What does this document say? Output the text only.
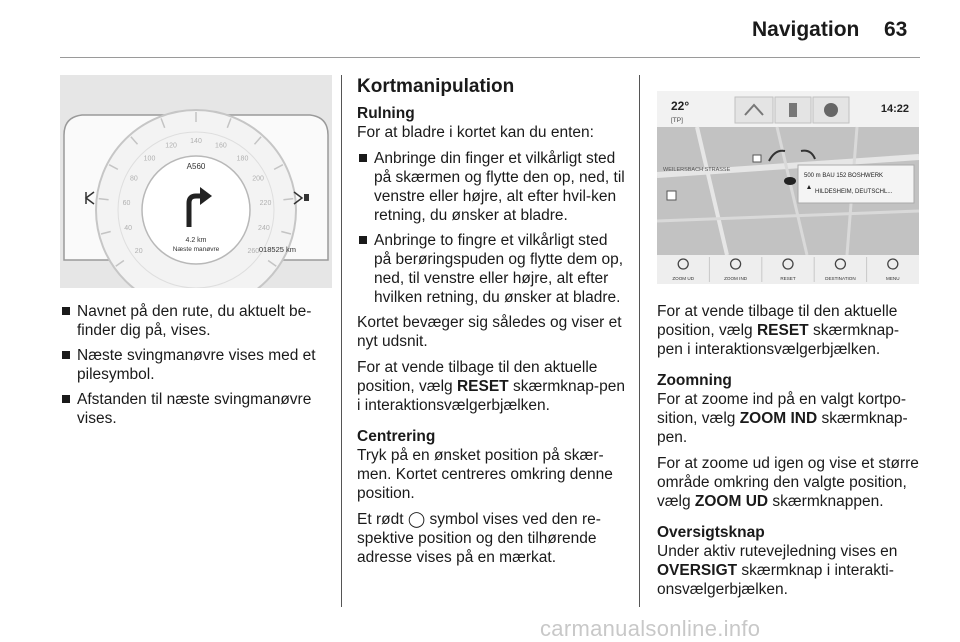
Navigation 63
20
40
60
80
100
120
140
160
180
200
220
240
260
A560
4.2 km
Næste manøvre	018525 km
Navnet på den rute, du aktuelt be-finder dig på, vises.
Næste svingmanøvre vises med et pilesymbol.
Afstanden til næste svingmanøvre vises.
Kortmanipulation
Rulning

For at bladre i kortet kan du enten:

Anbringe din finger et vilkårligt sted på skærmen og flytte den op, ned, til venstre eller højre, alt efter hvil-ken retning, du ønsker at bladre.
Anbringe to fingre et vilkårligt sted på berøringspuden og flytte dem op, ned, til venstre eller højre, alt efter hvilken retning, du ønsker at bladre.

Kortet bevæger sig således og viser et nyt udsnit.

For at vende tilbage til den aktuelle position, vælg RESET skærmknap-pen i interaktionsvælgerbjælken.

Centrering

Tryk på en ønsket position på skær-men. Kortet centreres omkring denne position.

Et rødt ◯ symbol vises ved den re-spektive position og den tilhørende adresse vises på en mærkat.

22°
[TP]
14:22
WEILERSBACH STRASSE
500 m BAU 152 BOSHWERK
HILDESHEIM, DEUTSCHL...
ZOOM UD	ZOOM IND	RESET	DESTINATION	MENU

For at vende tilbage til den aktuelle position, vælg RESET skærmknap-pen i interaktionsvælgerbjælken.

Zoomning

For at zoome ind på en valgt kortpo-sition, vælg ZOOM IND skærmknap-pen.

For at zoome ud igen og vise et større område omkring den valgte position, vælg ZOOM UD skærmknappen.

Oversigtsknap

Under aktiv rutevejledning vises en OVERSIGT skærmknap i interakti-onsvælgerbjælken.

carmanualsonline.info
